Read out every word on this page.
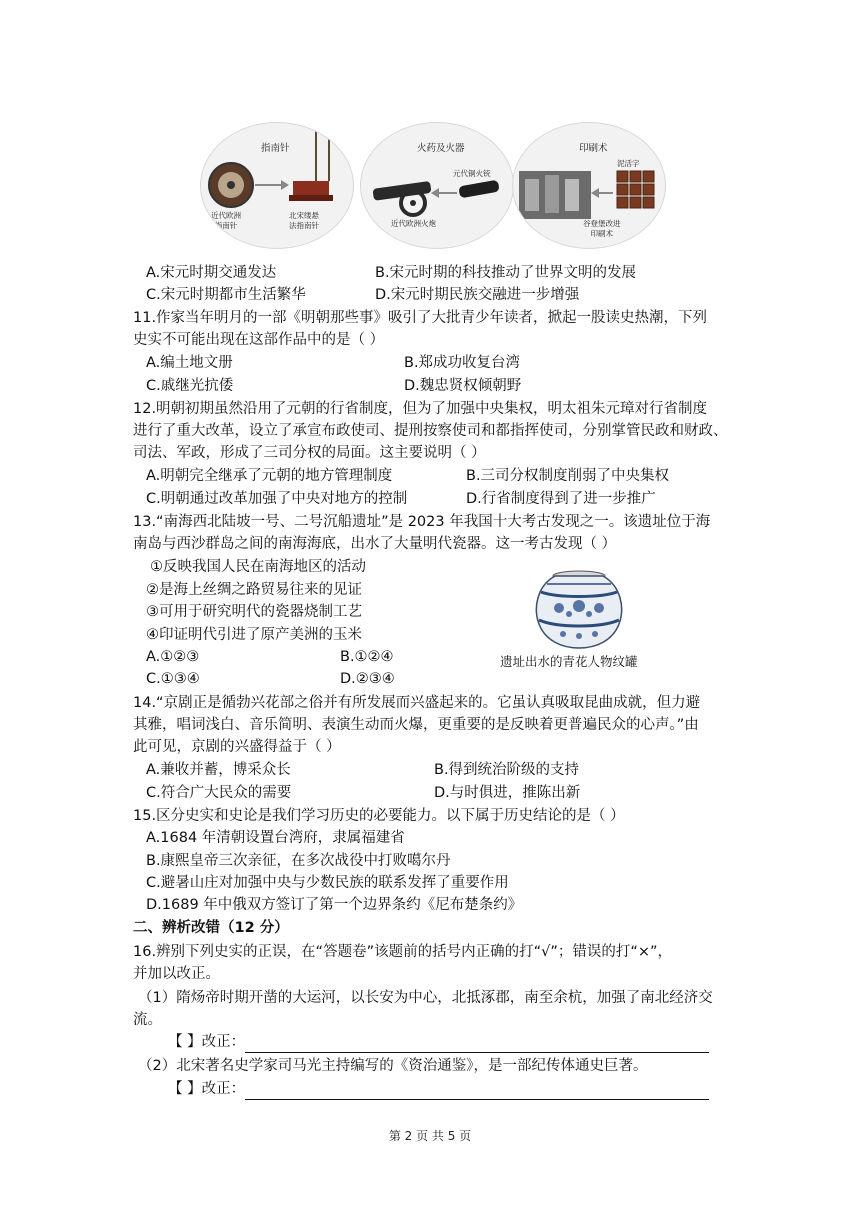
指南针
近代欧洲
指南针
北宋缕悬
法指南针
火药及火器
元代铜火铳
近代欧洲火炮
印刷术
泥活字
谷登堡改进
印刷术
A.宋元时期交通发达	B.宋元时期的科技推动了世界文明的发展
C.宋元时期都市生活繁华	D.宋元时期民族交融进一步增强
11.作家当年明月的一部《明朝那些事》吸引了大批青少年读者，掀起一股读史热潮，下列
史实不可能出现在这部作品中的是（ ）
A.编土地文册	B.郑成功收复台湾
C.戚继光抗倭	D.魏忠贤权倾朝野
12.明朝初期虽然沿用了元朝的行省制度，但为了加强中央集权，明太祖朱元璋对行省制度
进行了重大改革，设立了承宣布政使司、提刑按察使司和都指挥使司，分别掌管民政和财政、
司法、军政，形成了三司分权的局面。这主要说明（ ）
A.明朝完全继承了元朝的地方管理制度	B.三司分权制度削弱了中央集权
C.明朝通过改革加强了中央对地方的控制	D.行省制度得到了进一步推广
13.“南海西北陆坡一号、二号沉船遗址”是 2023 年我国十大考古发现之一。该遗址位于海
南岛与西沙群岛之间的南海海底，出水了大量明代瓷器。这一考古发现（ ）
①反映我国人民在南海地区的活动
②是海上丝绸之路贸易往来的见证
③可用于研究明代的瓷器烧制工艺
④印证明代引进了原产美洲的玉米
A.①②③	B.①②④
C.①③④	D.②③④
遗址出水的青花人物纹罐
14.“京剧正是循勃兴花部之俗并有所发展而兴盛起来的。它虽认真吸取昆曲成就，但力避
其雅，唱词浅白、音乐简明、表演生动而火爆，更重要的是反映着更普遍民众的心声。”由
此可见，京剧的兴盛得益于（ ）
A.兼收并蓄，博采众长	B.得到统治阶级的支持
C.符合广大民众的需要	D.与时俱进，推陈出新
15.区分史实和史论是我们学习历史的必要能力。以下属于历史结论的是（ ）
A.1684 年清朝设置台湾府，隶属福建省
B.康熙皇帝三次亲征，在多次战役中打败噶尔丹
C.避暑山庄对加强中央与少数民族的联系发挥了重要作用
D.1689 年中俄双方签订了第一个边界条约《尼布楚条约》
二、辨析改错（12 分）
16.辨别下列史实的正误，在“答题卷”该题前的括号内正确的打“√”；错误的打“×”，
并加以改正。
（1）隋炀帝时期开凿的大运河，以长安为中心，北抵涿郡，南至余杭，加强了南北经济交
流。
【 】改正：
（2）北宋著名史学家司马光主持编写的《资治通鉴》，是一部纪传体通史巨著。
【 】改正：
第 2 页 共 5 页
